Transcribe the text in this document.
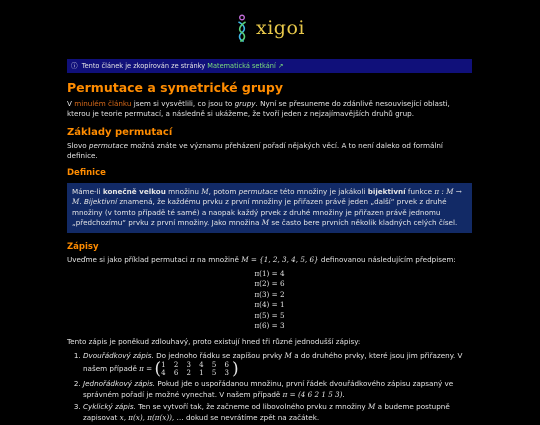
xigoi
ⓘ Tento článek je zkopírován ze stránky Matematická setkání ↗
Permutace a symetrické grupy

V minulém článku jsem si vysvětlili, co jsou to grupy. Nyní se přesuneme do zdánlivě nesouvisející oblasti, kterou je teorie permutací, a následně si ukážeme, že tvoří jeden z nejzajímavějších druhů grup.

Základy permutací

Slovo permutace možná znáte ve významu přeházení pořadí nějakých věcí. A to není daleko od formální definice.

Definice
Máme-li konečně velkou množinu M, potom permutace této množiny je jakákoli bijektivní funkce π : M → M. Bijektivní znamená, že každému prvku z první množiny je přiřazen právě jeden „další“ prvek z druhé množiny (v tomto případě té samé) a naopak každý prvek z druhé množiny je přiřazen právě jednomu „předchozímu“ prvku z první množiny. Jako množina M se často bere prvních několik kladných celých čísel.
Zápisy

Uveďme si jako příklad permutaci π na množině M = {1, 2, 3, 4, 5, 6} definovanou následujícím předpisem:

π(1) = 4
π(2) = 6
π(3) = 2
π(4) = 1
π(5) = 5
π(6) = 3

Tento zápis je poněkud zdlouhavý, proto existují hned tři různé jednodušší zápisy:

1. Dvouřádkový zápis. Do jednoho řádku se zapíšou prvky M a do druhého prvky, které jsou jim přiřazeny. V našem případě π = ( 1 2 3 4 5 6
4 6 2 1 5 3 )
2. Jednořádkový zápis. Pokud jde o uspořádanou množinu, první řádek dvouřádkového zápisu zapsaný ve správném pořadí je možné vynechat. V našem případě π = (4 6 2 1 5 3).
3. Cyklický zápis. Ten se vytvoří tak, že začneme od libovolného prvku z množiny M a budeme postupně zapisovat x, π(x), π(π(x)), … dokud se nevrátíme zpět na začátek.
